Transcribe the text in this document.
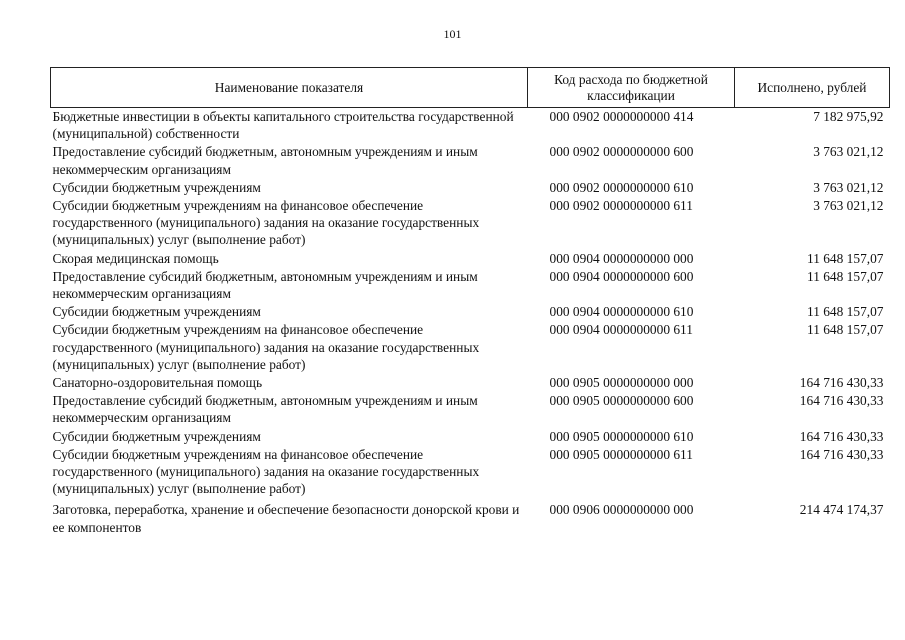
101
Наименование показателя	Код расхода по бюджетной классификации	Исполнено, рублей
Бюджетные инвестиции в объекты капитального строительства государственной (муниципальной) собственности	000 0902 0000000000 414	7 182 975,92
Предоставление субсидий бюджетным, автономным учреждениям и иным некоммерческим организациям	000 0902 0000000000 600	3 763 021,12
Субсидии бюджетным учреждениям	000 0902 0000000000 610	3 763 021,12
Субсидии бюджетным учреждениям на финансовое обеспечение государственного (муниципального) задания на оказание государственных (муниципальных) услуг (выполнение работ)	000 0902 0000000000 611	3 763 021,12
Скорая медицинская помощь	000 0904 0000000000 000	11 648 157,07
Предоставление субсидий бюджетным, автономным учреждениям и иным некоммерческим организациям	000 0904 0000000000 600	11 648 157,07
Субсидии бюджетным учреждениям	000 0904 0000000000 610	11 648 157,07
Субсидии бюджетным учреждениям на финансовое обеспечение государственного (муниципального) задания на оказание государственных (муниципальных) услуг (выполнение работ)	000 0904 0000000000 611	11 648 157,07
Санаторно-оздоровительная помощь	000 0905 0000000000 000	164 716 430,33
Предоставление субсидий бюджетным, автономным учреждениям и иным некоммерческим организациям	000 0905 0000000000 600	164 716 430,33
Субсидии бюджетным учреждениям	000 0905 0000000000 610	164 716 430,33
Субсидии бюджетным учреждениям на финансовое обеспечение государственного (муниципального) задания на оказание государственных (муниципальных) услуг (выполнение работ)	000 0905 0000000000 611	164 716 430,33
Заготовка, переработка, хранение и обеспечение безопасности донорской крови и ее компонентов	000 0906 0000000000 000	214 474 174,37
